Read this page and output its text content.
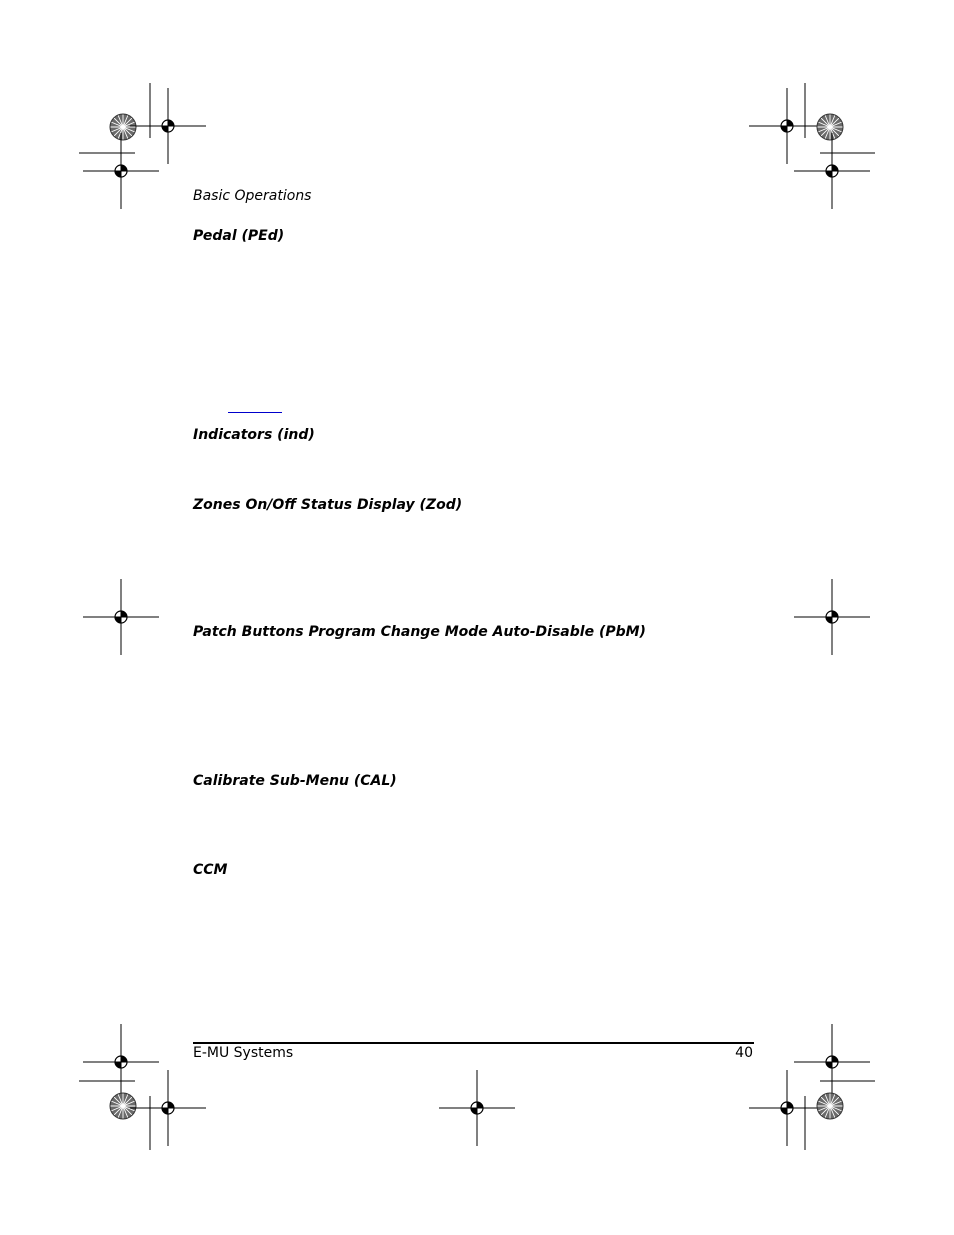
Basic Operations
Pedal (PEd)
Indicators (ind)
Zones On/Off Status Display (Zod)
Patch Buttons Program Change Mode Auto-Disable (PbM)
Calibrate Sub-Menu (CAL)
CCM
E-MU Systems	40
